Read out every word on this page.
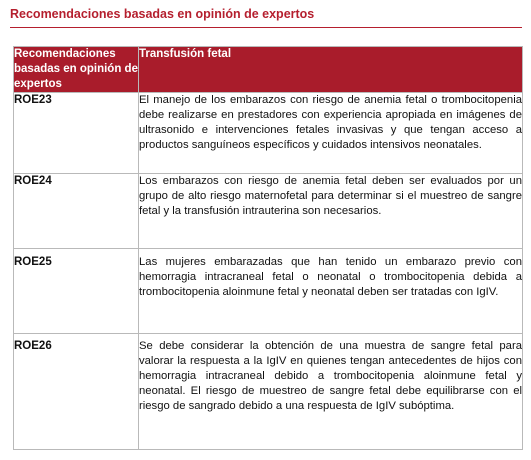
Recomendaciones basadas en opinión de expertos
Recomendaciones basadas en opinión de expertos	Transfusión fetal
ROE23	El manejo de los embarazos con riesgo de anemia fetal o trombocitopenia debe realizarse en prestadores con experiencia apropiada en imágenes de ultrasonido e intervenciones fetales invasivas y que tengan acceso a productos sanguíneos específicos y cuidados intensivos neonatales.
ROE24	Los embarazos con riesgo de anemia fetal deben ser evaluados por un grupo de alto riesgo maternofetal para determinar si el muestreo de sangre fetal y la transfusión intrauterina son necesarios.
ROE25	Las mujeres embarazadas que han tenido un embarazo previo con hemorragia intracraneal fetal o neonatal o trombocitopenia debida a trombocitopenia aloinmune fetal y neonatal deben ser tratadas con IgIV.
ROE26	Se debe considerar la obtención de una muestra de sangre fetal para valorar la respuesta a la IgIV en quienes tengan antecedentes de hijos con hemorragia intracraneal debido a trombocitopenia aloinmune fetal y neonatal. El riesgo de muestreo de sangre fetal debe equilibrarse con el riesgo de sangrado debido a una respuesta de IgIV subóptima.
